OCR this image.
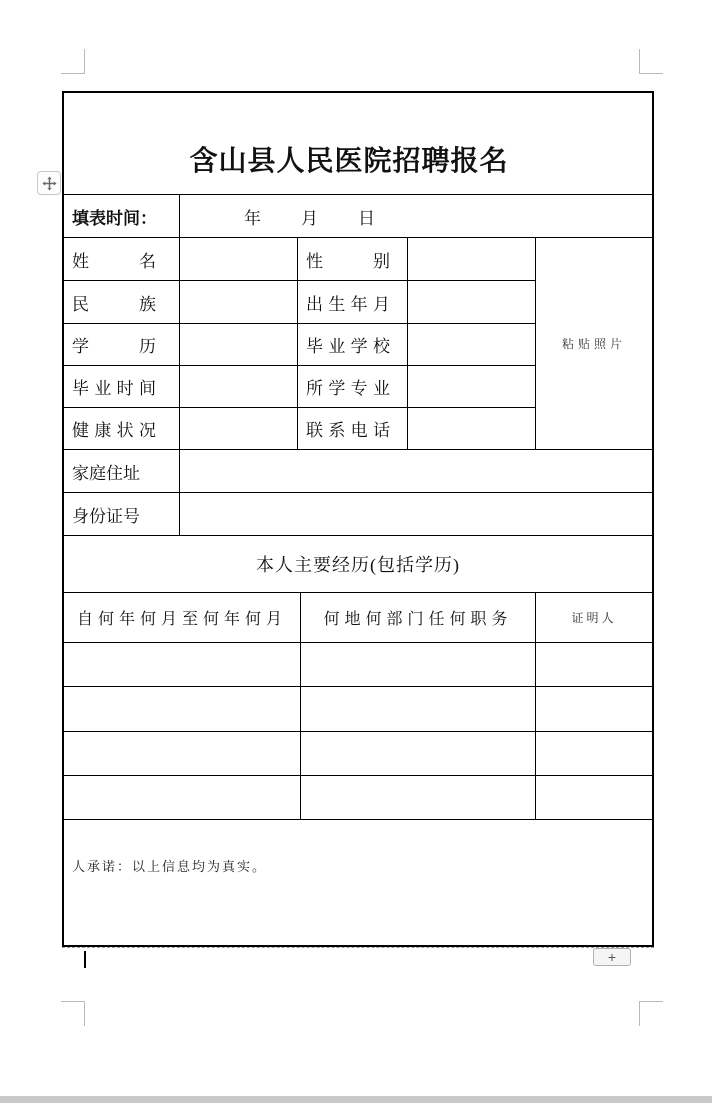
含山县人民医院招聘报名
填表时间：	年　　月　　日
姓 名	性 别
民 族	出生年月
学 历	毕业学校
毕业时间	所学专业
健康状况	联系电话
粘贴照片
家庭住址
身份证号
本人主要经历(包括学历)
自何年何月至何年何月	何地何部门任何职务	证明人
人承诺：以上信息均为真实。
+
